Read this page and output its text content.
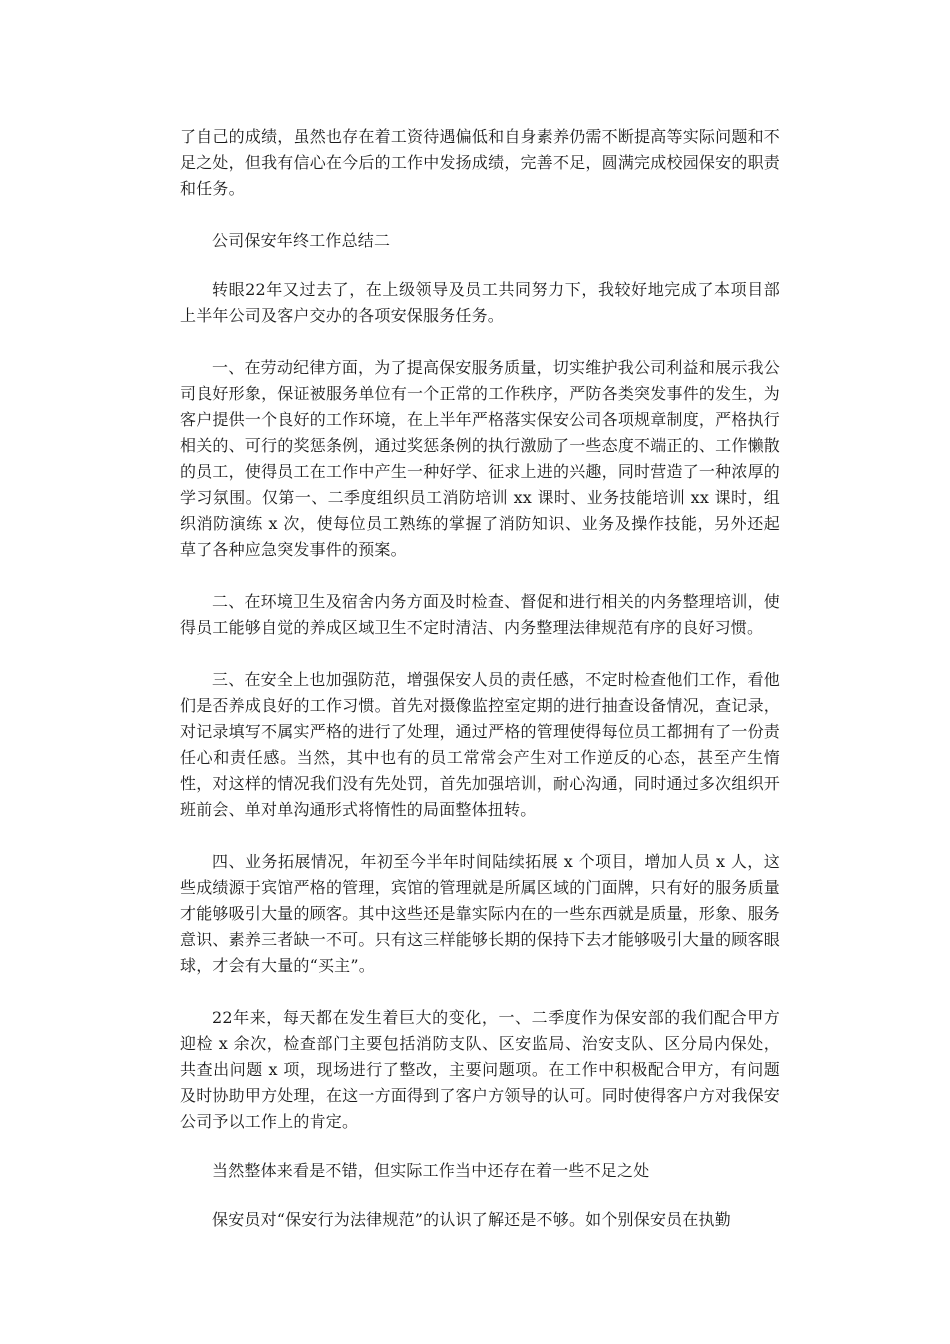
了自己的成绩，虽然也存在着工资待遇偏低和自身素养仍需不断提高等实际问题和不足之处，但我有信心在今后的工作中发扬成绩，完善不足，圆满完成校园保安的职责和任务。

公司保安年终工作总结二

转眼22年又过去了，在上级领导及员工共同努力下，我较好地完成了本项目部上半年公司及客户交办的各项安保服务任务。

一、在劳动纪律方面，为了提高保安服务质量，切实维护我公司利益和展示我公司良好形象，保证被服务单位有一个正常的工作秩序，严防各类突发事件的发生，为客户提供一个良好的工作环境，在上半年严格落实保安公司各项规章制度，严格执行相关的、可行的奖惩条例，通过奖惩条例的执行激励了一些态度不端正的、工作懒散的员工，使得员工在工作中产生一种好学、征求上进的兴趣，同时营造了一种浓厚的学习氛围。仅第一、二季度组织员工消防培训 xx 课时、业务技能培训 xx 课时，组织消防演练 x 次，使每位员工熟练的掌握了消防知识、业务及操作技能，另外还起草了各种应急突发事件的预案。

二、在环境卫生及宿舍内务方面及时检查、督促和进行相关的内务整理培训，使得员工能够自觉的养成区域卫生不定时清洁、内务整理法律规范有序的良好习惯。

三、在安全上也加强防范，增强保安人员的责任感，不定时检查他们工作，看他们是否养成良好的工作习惯。首先对摄像监控室定期的进行抽查设备情况，查记录，对记录填写不属实严格的进行了处理，通过严格的管理使得每位员工都拥有了一份责任心和责任感。当然，其中也有的员工常常会产生对工作逆反的心态，甚至产生惰性，对这样的情况我们没有先处罚，首先加强培训，耐心沟通，同时通过多次组织开班前会、单对单沟通形式将惰性的局面整体扭转。

四、业务拓展情况，年初至今半年时间陆续拓展 x 个项目，增加人员 x 人，这些成绩源于宾馆严格的管理，宾馆的管理就是所属区域的门面牌，只有好的服务质量才能够吸引大量的顾客。其中这些还是靠实际内在的一些东西就是质量，形象、服务意识、素养三者缺一不可。只有这三样能够长期的保持下去才能够吸引大量的顾客眼球，才会有大量的“买主”。

22年来，每天都在发生着巨大的变化，一、二季度作为保安部的我们配合甲方迎检 x 余次，检查部门主要包括消防支队、区安监局、治安支队、区分局内保处，共查出问题 x 项，现场进行了整改，主要问题项。在工作中积极配合甲方，有问题及时协助甲方处理，在这一方面得到了客户方领导的认可。同时使得客户方对我保安公司予以工作上的肯定。

当然整体来看是不错，但实际工作当中还存在着一些不足之处

保安员对“保安行为法律规范”的认识了解还是不够。如个别保安员在执勤
